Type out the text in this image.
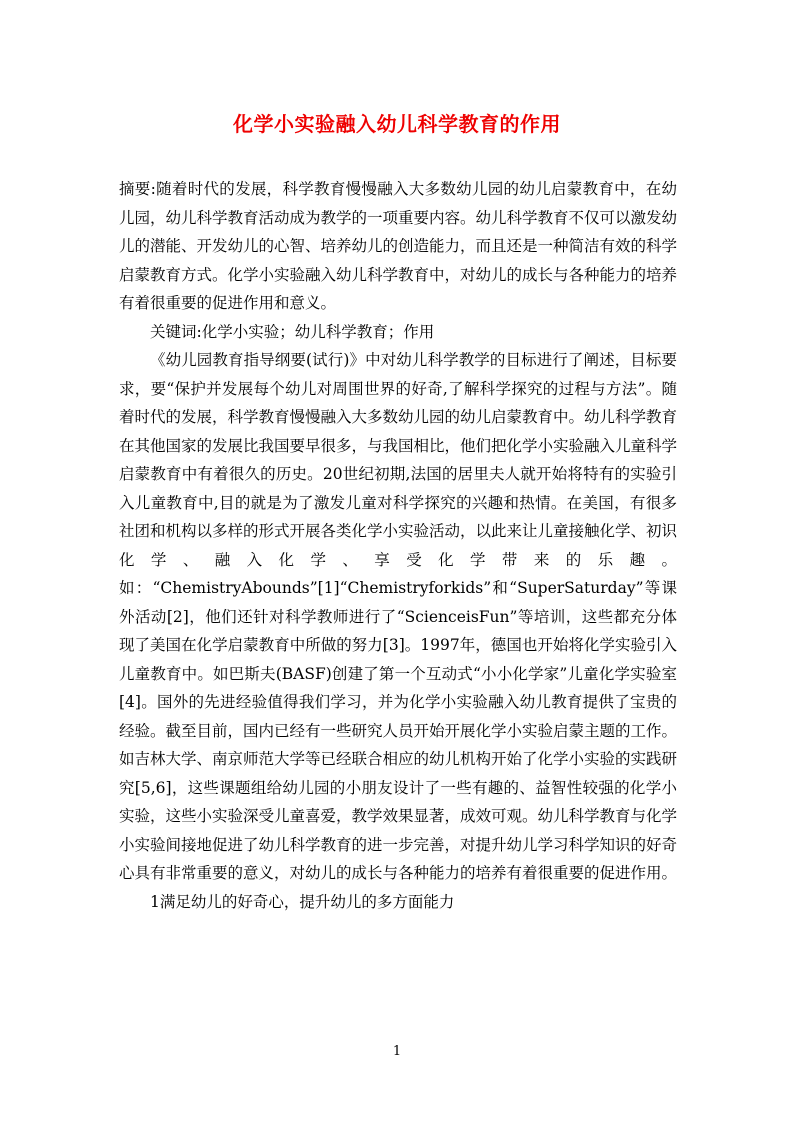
化学小实验融入幼儿科学教育的作用

摘要:随着时代的发展，科学教育慢慢融入大多数幼儿园的幼儿启蒙教育中，在幼儿园，幼儿科学教育活动成为教学的一项重要内容。幼儿科学教育不仅可以激发幼儿的潜能、开发幼儿的心智、培养幼儿的创造能力，而且还是一种简洁有效的科学启蒙教育方式。化学小实验融入幼儿科学教育中，对幼儿的成长与各种能力的培养有着很重要的促进作用和意义。

关键词:化学小实验；幼儿科学教育；作用

《幼儿园教育指导纲要(试行)》中对幼儿科学教学的目标进行了阐述，目标要求，要“保护并发展每个幼儿对周围世界的好奇,了解科学探究的过程与方法”。随着时代的发展，科学教育慢慢融入大多数幼儿园的幼儿启蒙教育中。幼儿科学教育在其他国家的发展比我国要早很多，与我国相比，他们把化学小实验融入儿童科学启蒙教育中有着很久的历史。20世纪初期,法国的居里夫人就开始将特有的实验引入儿童教育中,目的就是为了激发儿童对科学探究的兴趣和热情。在美国，有很多社团和机构以多样的形式开展各类化学小实验活动，以此来让儿童接触化学、初识化学、融入化学、享受化学带来的乐趣。如：“ChemistryAbounds”[1]“Chemistryforkids”和“SuperSaturday”等课外活动[2]，他们还针对科学教师进行了“ScienceisFun”等培训，这些都充分体现了美国在化学启蒙教育中所做的努力[3]。1997年，德国也开始将化学实验引入儿童教育中。如巴斯夫(BASF)创建了第一个互动式“小小化学家”儿童化学实验室[4]。国外的先进经验值得我们学习，并为化学小实验融入幼儿教育提供了宝贵的经验。截至目前，国内已经有一些研究人员开始开展化学小实验启蒙主题的工作。如吉林大学、南京师范大学等已经联合相应的幼儿机构开始了化学小实验的实践研究[5,6]，这些课题组给幼儿园的小朋友设计了一些有趣的、益智性较强的化学小实验，这些小实验深受儿童喜爱，教学效果显著，成效可观。幼儿科学教育与化学小实验间接地促进了幼儿科学教育的进一步完善，对提升幼儿学习科学知识的好奇心具有非常重要的意义，对幼儿的成长与各种能力的培养有着很重要的促进作用。

1满足幼儿的好奇心，提升幼儿的多方面能力

1
